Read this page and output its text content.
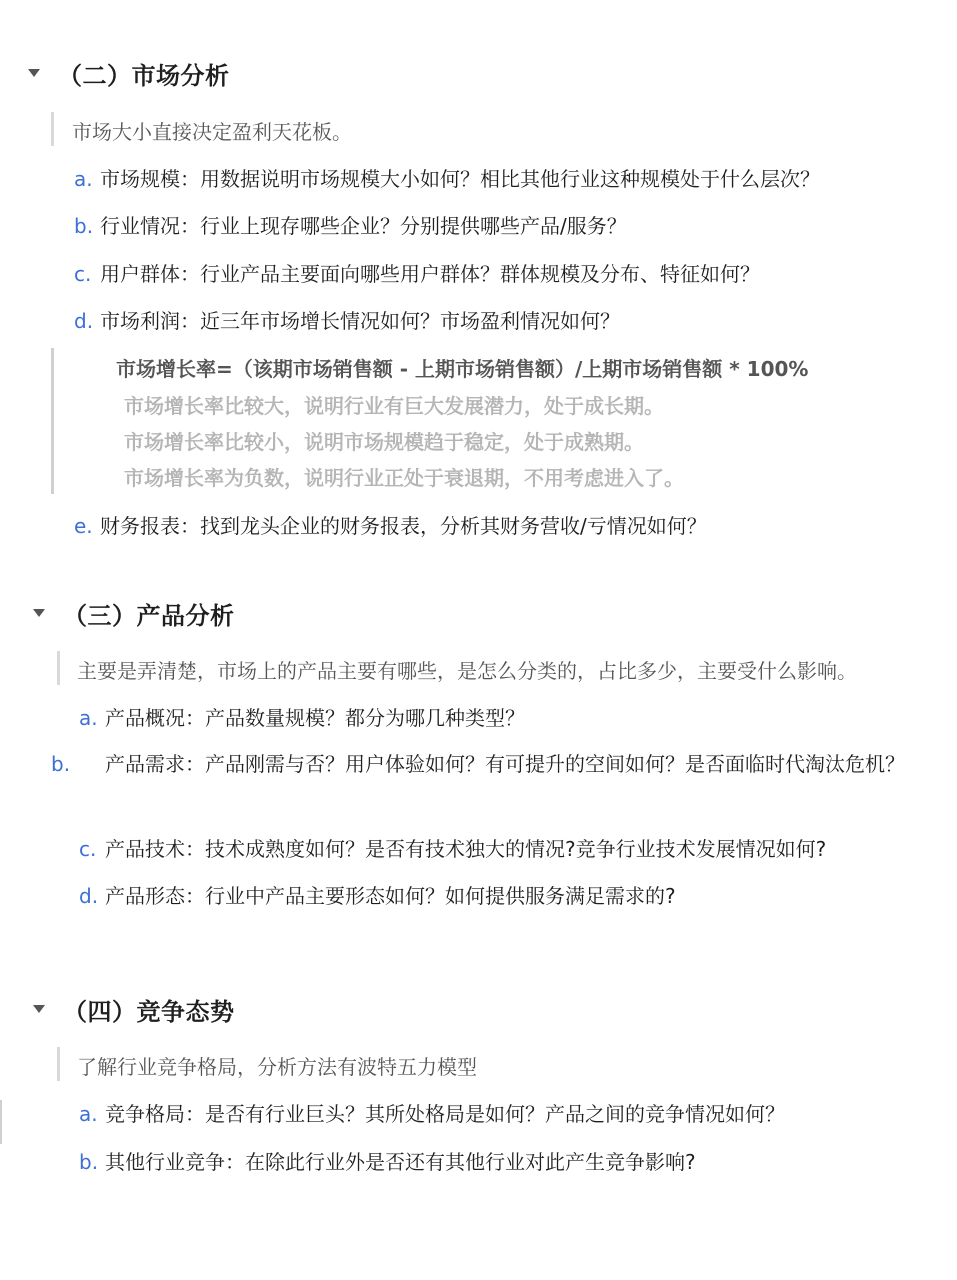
（二）市场分析
市场大小直接决定盈利天花板。
a. 市场规模：用数据说明市场规模大小如何？相比其他行业这种规模处于什么层次？
b. 行业情况：行业上现存哪些企业？分别提供哪些产品/服务？
c. 用户群体：行业产品主要面向哪些用户群体？群体规模及分布、特征如何？
d. 市场利润：近三年市场增长情况如何？市场盈利情况如何？
市场增长率=（该期市场销售额 - 上期市场销售额）/上期市场销售额 * 100%
市场增长率比较大，说明行业有巨大发展潜力，处于成长期。
市场增长率比较小，说明市场规模趋于稳定，处于成熟期。
市场增长率为负数，说明行业正处于衰退期，不用考虑进入了。
e. 财务报表：找到龙头企业的财务报表，分析其财务营收/亏情况如何？
（三）产品分析
主要是弄清楚，市场上的产品主要有哪些，是怎么分类的，占比多少，主要受什么影响。
a. 产品概况：产品数量规模？都分为哪几种类型？
b. 产品需求：产品刚需与否？用户体验如何？有可提升的空间如何？是否面临时代淘汰危机？
c. 产品技术：技术成熟度如何？是否有技术独大的情况?竞争行业技术发展情况如何?
d. 产品形态：行业中产品主要形态如何？如何提供服务满足需求的?
（四）竞争态势
了解行业竞争格局，分析方法有波特五力模型
a. 竞争格局：是否有行业巨头？其所处格局是如何？产品之间的竞争情况如何？
b. 其他行业竞争：在除此行业外是否还有其他行业对此产生竞争影响?
